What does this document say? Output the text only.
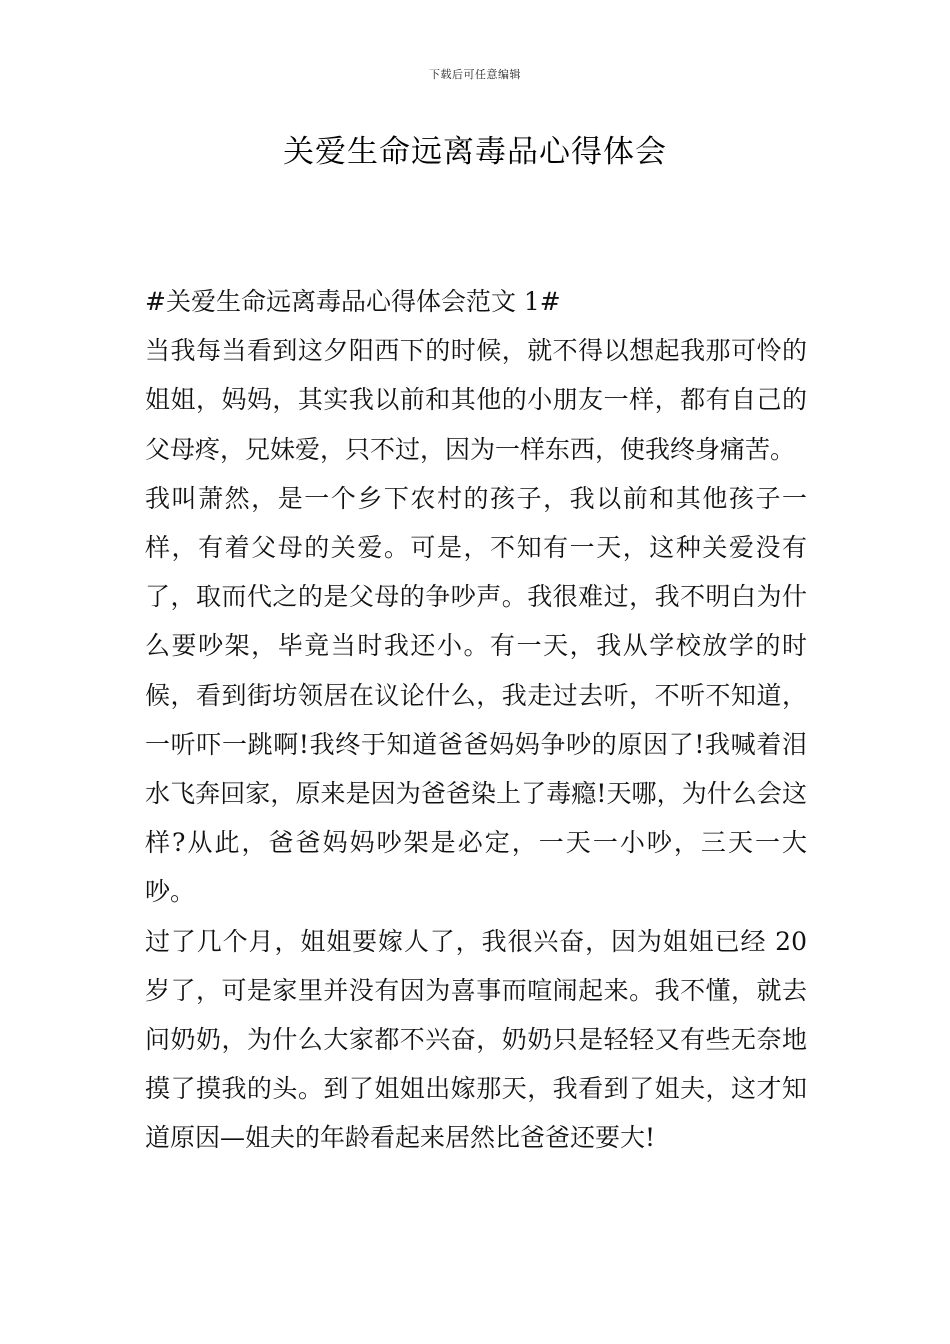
下载后可任意编辑
关爱生命远离毒品心得体会

#关爱生命远离毒品心得体会范文 1#

当我每当看到这夕阳西下的时候，就不得以想起我那可怜的姐姐，妈妈，其实我以前和其他的小朋友一样，都有自己的父母疼，兄妹爱，只不过，因为一样东西，使我终身痛苦。

我叫萧然，是一个乡下农村的孩子，我以前和其他孩子一样，有着父母的关爱。可是，不知有一天，这种关爱没有了，取而代之的是父母的争吵声。我很难过，我不明白为什么要吵架，毕竟当时我还小。有一天，我从学校放学的时候，看到街坊领居在议论什么，我走过去听，不听不知道，一听吓一跳啊!我终于知道爸爸妈妈争吵的原因了!我喊着泪水飞奔回家，原来是因为爸爸染上了毒瘾!天哪，为什么会这样?从此，爸爸妈妈吵架是必定，一天一小吵，三天一大吵。

过了几个月，姐姐要嫁人了，我很兴奋，因为姐姐已经 20 岁了，可是家里并没有因为喜事而喧闹起来。我不懂，就去问奶奶，为什么大家都不兴奋，奶奶只是轻轻又有些无奈地摸了摸我的头。到了姐姐出嫁那天，我看到了姐夫，这才知道原因—姐夫的年龄看起来居然比爸爸还要大!
